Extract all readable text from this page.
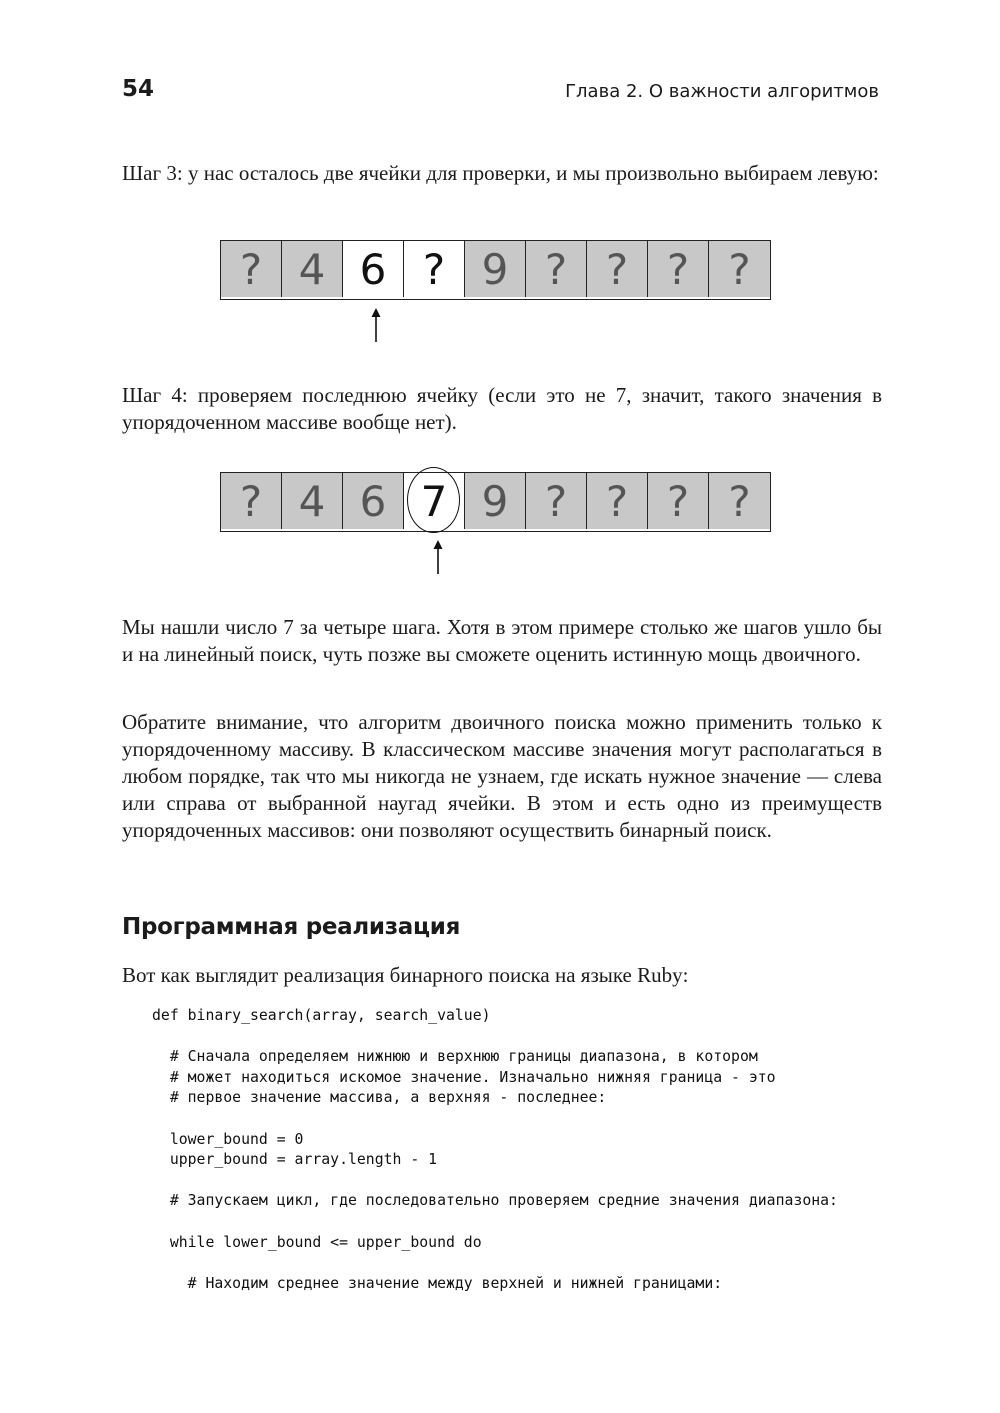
54	Глава 2. О важности алгоритмов

Шаг 3: у нас осталось две ячейки для проверки, и мы произвольно выбираем левую:

? 4 6 ? 9 ? ? ? ?

Шаг 4: проверяем последнюю ячейку (если это не 7, значит, такого значения в упорядоченном массиве вообще нет).

? 4 6 7 9 ? ? ? ?

Мы нашли число 7 за четыре шага. Хотя в этом примере столько же шагов ушло бы и на линейный поиск, чуть позже вы сможете оценить истинную мощь двоичного.

Обратите внимание, что алгоритм двоичного поиска можно применить только к упорядоченному массиву. В классическом массиве значения могут располагаться в любом порядке, так что мы никогда не узнаем, где искать нужное значение — слева или справа от выбранной наугад ячейки. В этом и есть одно из преимуществ упорядоченных массивов: они позволяют осуществить бинарный поиск.

Программная реализация

Вот как выглядит реализация бинарного поиска на языке Ruby:

def binary_search(array, search_value)

# Сначала определяем нижнюю и верхнюю границы диапазона, в котором
# может находиться искомое значение. Изначально нижняя граница - это
# первое значение массива, а верхняя - последнее:

lower_bound = 0
upper_bound = array.length - 1

# Запускаем цикл, где последовательно проверяем средние значения диапазона:

while lower_bound <= upper_bound do

# Находим среднее значение между верхней и нижней границами:
